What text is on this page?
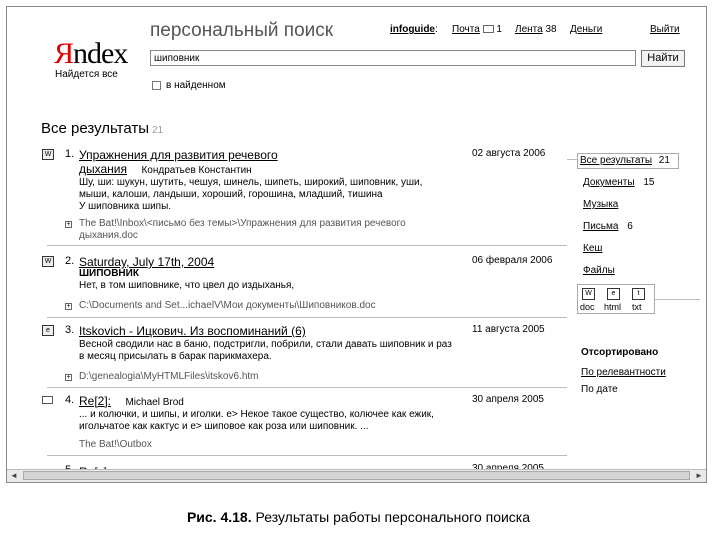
Яndex
Найдется все
персональный поиск	infoguide: Почта 1 Лента 38 Деньги	Выйти
шиповник	Найти
в найденном
Все результаты 21
W 1. Упражнения для развития речевого
дыхания Кондратьев Константин
02 августа 2006
Шу, ши: шукун, шутить, чешуя, шинель, шипеть, широкий, шиповник, уши,
мыши, калоши, ландыши, хороший, горошина, младший, тишина
У шиповника шипы.
+ The Bat!\Inbox\<письмо без темы>\Упражнения для развития речевого
дыхания.doc
W 2. Saturday, July 17th, 2004	06 февраля 2006
ШИПОВНИК
Нет, в том шиповнике, что цвел до издыханья,
+ C:\Documents and Set...ichaelV\Мои документы\Шиповников.doc
e	3. Itskovich - Ицкович. Из воспоминаний (6)	11 августа 2005
Весной сводили нас в баню, подстригли, побрили, стали давать шиповник и раз
в месяц присылать в барак парикмахера.
+ D:\genealogia\MyHTMLFiles\itskov6.htm
4. Re[2]: Michael Brod	30 апреля 2005
... и колючки, и шипы, и иголки. e> Некое такое существо, колючее как ежик,
игольчатое как кактус и e> шиповое как роза или шиповник. ...
The Bat!\Outbox
Все результаты 21
Документы 15
Музыка
Письма 6
Кеш
Файлы
W	e	t
doc html txt
Отсортировано
По релевантности
По дате
◄	►
Рис. 4.18. Результаты работы персонального поиска
